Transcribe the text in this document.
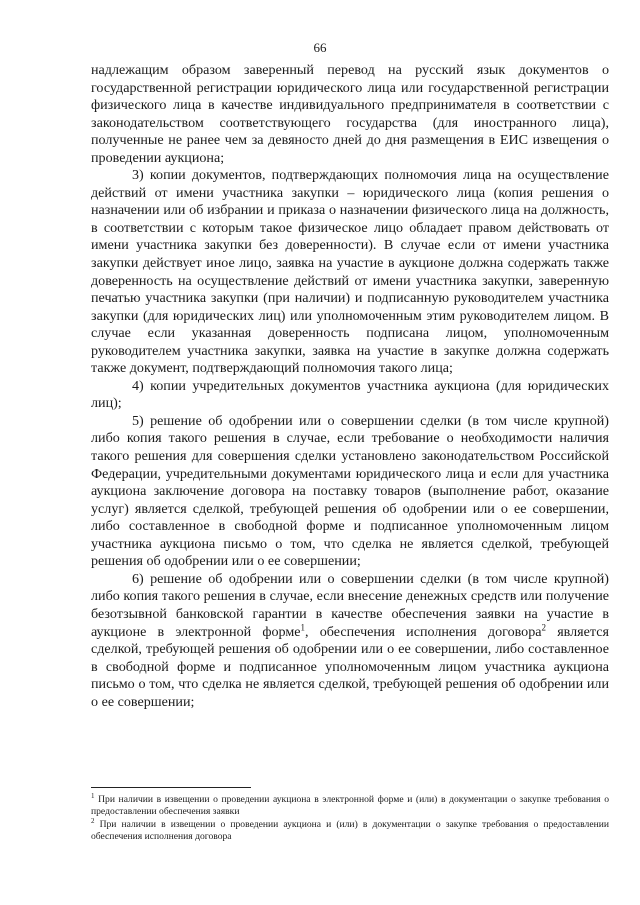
66

надлежащим образом заверенный перевод на русский язык документов о государственной регистрации юридического лица или государственной регистрации физического лица в качестве индивидуального предпринимателя в соответствии с законодательством соответствующего государства (для иностранного лица), полученные не ранее чем за девяносто дней до дня размещения в ЕИС извещения о проведении аукциона;

3) копии документов, подтверждающих полномочия лица на осуществление действий от имени участника закупки – юридического лица (копия решения о назначении или об избрании и приказа о назначении физического лица на должность, в соответствии с которым такое физическое лицо обладает правом действовать от имени участника закупки без доверенности). В случае если от имени участника закупки действует иное лицо, заявка на участие в аукционе должна содержать также доверенность на осуществление действий от имени участника закупки, заверенную печатью участника закупки (при наличии) и подписанную руководителем участника закупки (для юридических лиц) или уполномоченным этим руководителем лицом. В случае если указанная доверенность подписана лицом, уполномоченным руководителем участника закупки, заявка на участие в закупке должна содержать также документ, подтверждающий полномочия такого лица;

4) копии учредительных документов участника аукциона (для юридических лиц);

5) решение об одобрении или о совершении сделки (в том числе крупной) либо копия такого решения в случае, если требование о необходимости наличия такого решения для совершения сделки установлено законодательством Российской Федерации, учредительными документами юридического лица и если для участника аукциона заключение договора на поставку товаров (выполнение работ, оказание услуг) является сделкой, требующей решения об одобрении или о ее совершении, либо составленное в свободной форме и подписанное уполномоченным лицом участника аукциона письмо о том, что сделка не является сделкой, требующей решения об одобрении или о ее совершении;

6) решение об одобрении или о совершении сделки (в том числе крупной) либо копия такого решения в случае, если внесение денежных средств или получение безотзывной банковской гарантии в качестве обеспечения заявки на участие в аукционе в электронной форме$^1$, обеспечения исполнения договора$^2$ является сделкой, требующей решения об одобрении или о ее совершении, либо составленное в свободной форме и подписанное уполномоченным лицом участника аукциона письмо о том, что сделка не является сделкой, требующей решения об одобрении или о ее совершении;

$^1$ При наличии в извещении о проведении аукциона в электронной форме и (или) в документации о закупке требования о предоставлении обеспечения заявки

$^2$ При наличии в извещении о проведении аукциона и (или) в документации о закупке требования о предоставлении обеспечения исполнения договора
